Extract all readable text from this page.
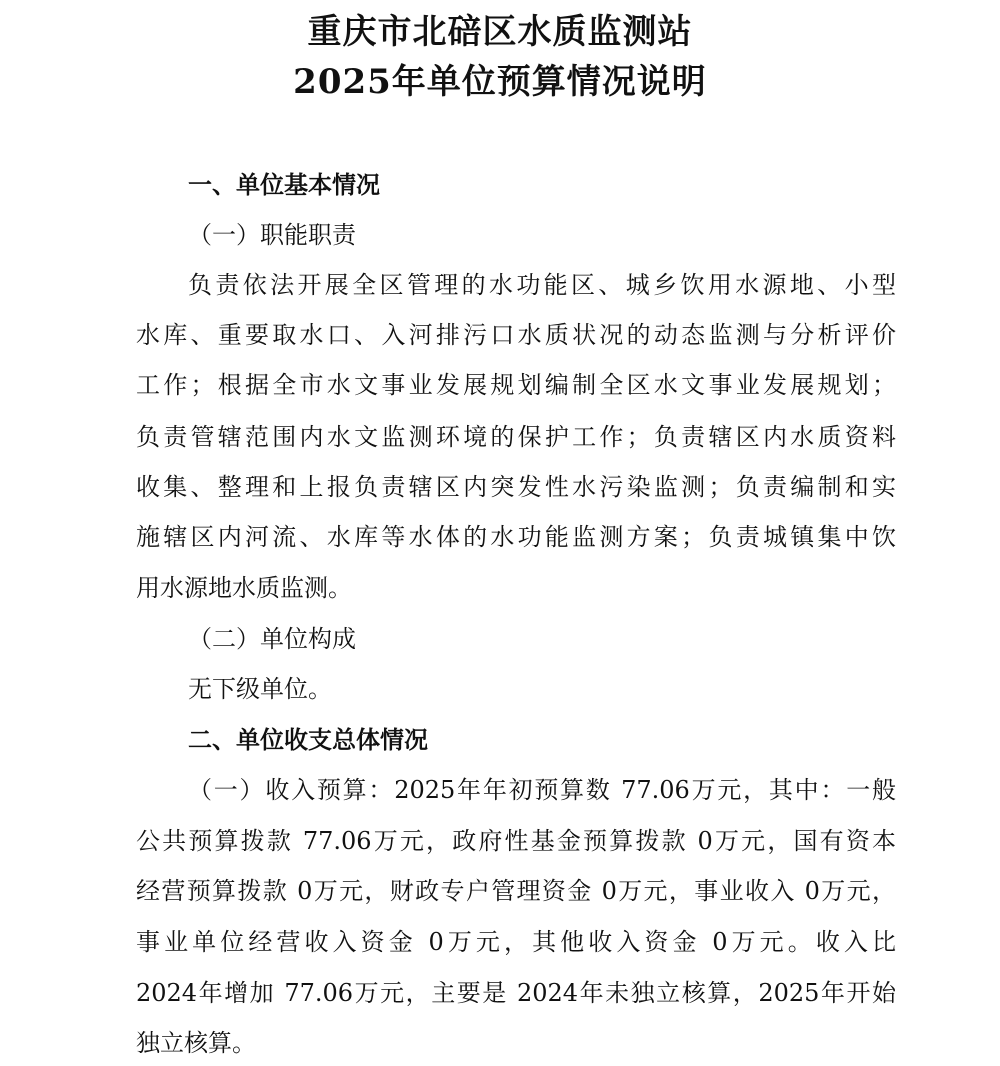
重庆市北碚区水质监测站
2025年单位预算情况说明
一、单位基本情况
（一）职能职责
负责依法开展全区管理的水功能区、城乡饮用水源地、小型
水库、重要取水口、入河排污口水质状况的动态监测与分析评价
工作；根据全市水文事业发展规划编制全区水文事业发展规划；
负责管辖范围内水文监测环境的保护工作；负责辖区内水质资料
收集、整理和上报负责辖区内突发性水污染监测；负责编制和实
施辖区内河流、水库等水体的水功能监测方案；负责城镇集中饮
用水源地水质监测。
（二）单位构成
无下级单位。
二、单位收支总体情况
（一）收入预算：2025年年初预算数 77.06万元，其中：一般
公共预算拨款 77.06万元，政府性基金预算拨款 0万元，国有资本
经营预算拨款 0万元，财政专户管理资金 0万元，事业收入 0万元，
事业单位经营收入资金 0万元，其他收入资金 0万元。收入比
2024年增加 77.06万元，主要是 2024年未独立核算，2025年开始
独立核算。
